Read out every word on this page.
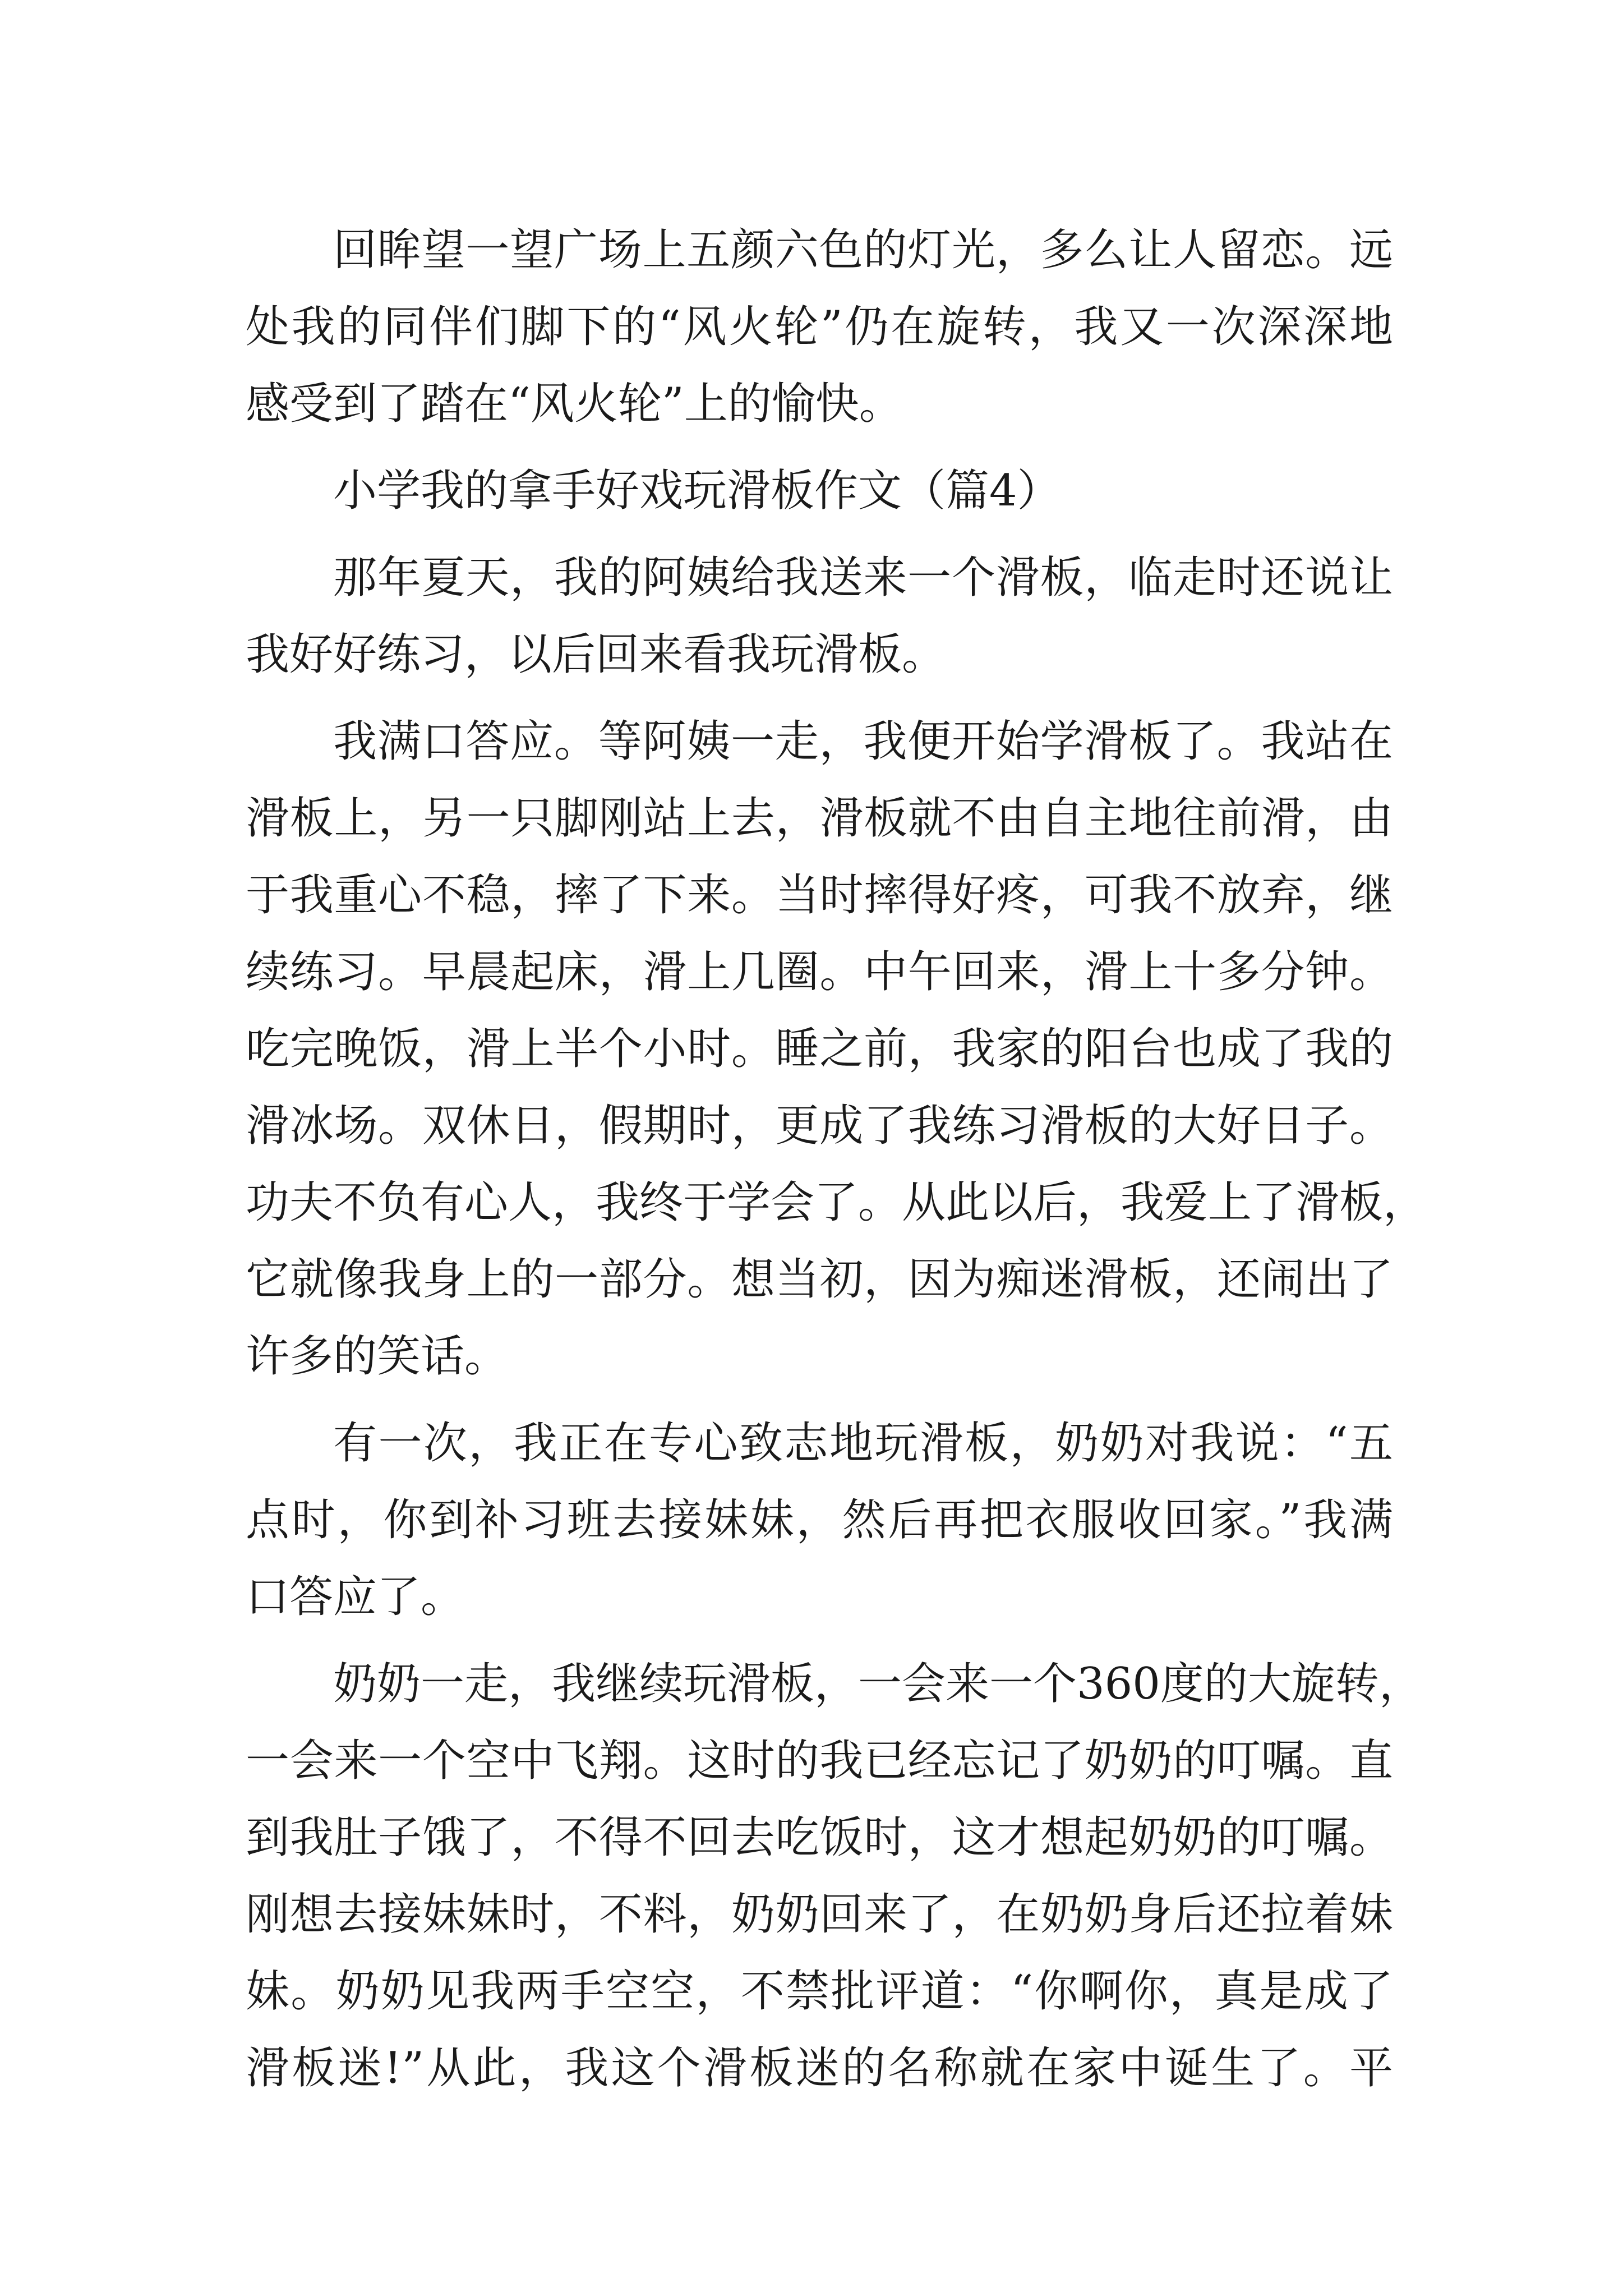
回眸望一望广场上五颜六色的灯光，多么让人留恋。远
处我的同伴们脚下的“风火轮”仍在旋转，我又一次深深地
感受到了踏在“风火轮”上的愉快。
小学我的拿手好戏玩滑板作文（篇4）
那年夏天，我的阿姨给我送来一个滑板，临走时还说让
我好好练习，以后回来看我玩滑板。
我满口答应。等阿姨一走，我便开始学滑板了。我站在
滑板上，另一只脚刚站上去，滑板就不由自主地往前滑，由
于我重心不稳，摔了下来。当时摔得好疼，可我不放弃，继
续练习。早晨起床，滑上几圈。中午回来，滑上十多分钟。
吃完晚饭，滑上半个小时。睡之前，我家的阳台也成了我的
滑冰场。双休日，假期时，更成了我练习滑板的大好日子。
功夫不负有心人，我终于学会了。从此以后，我爱上了滑板，
它就像我身上的一部分。想当初，因为痴迷滑板，还闹出了
许多的笑话。
有一次，我正在专心致志地玩滑板，奶奶对我说：“五
点时，你到补习班去接妹妹，然后再把衣服收回家。”我满
口答应了。
奶奶一走，我继续玩滑板，一会来一个360度的大旋转，
一会来一个空中飞翔。这时的我已经忘记了奶奶的叮嘱。直
到我肚子饿了，不得不回去吃饭时，这才想起奶奶的叮嘱。
刚想去接妹妹时，不料，奶奶回来了，在奶奶身后还拉着妹
妹。奶奶见我两手空空，不禁批评道：“你啊你，真是成了
滑板迷!”从此，我这个滑板迷的名称就在家中诞生了。平
